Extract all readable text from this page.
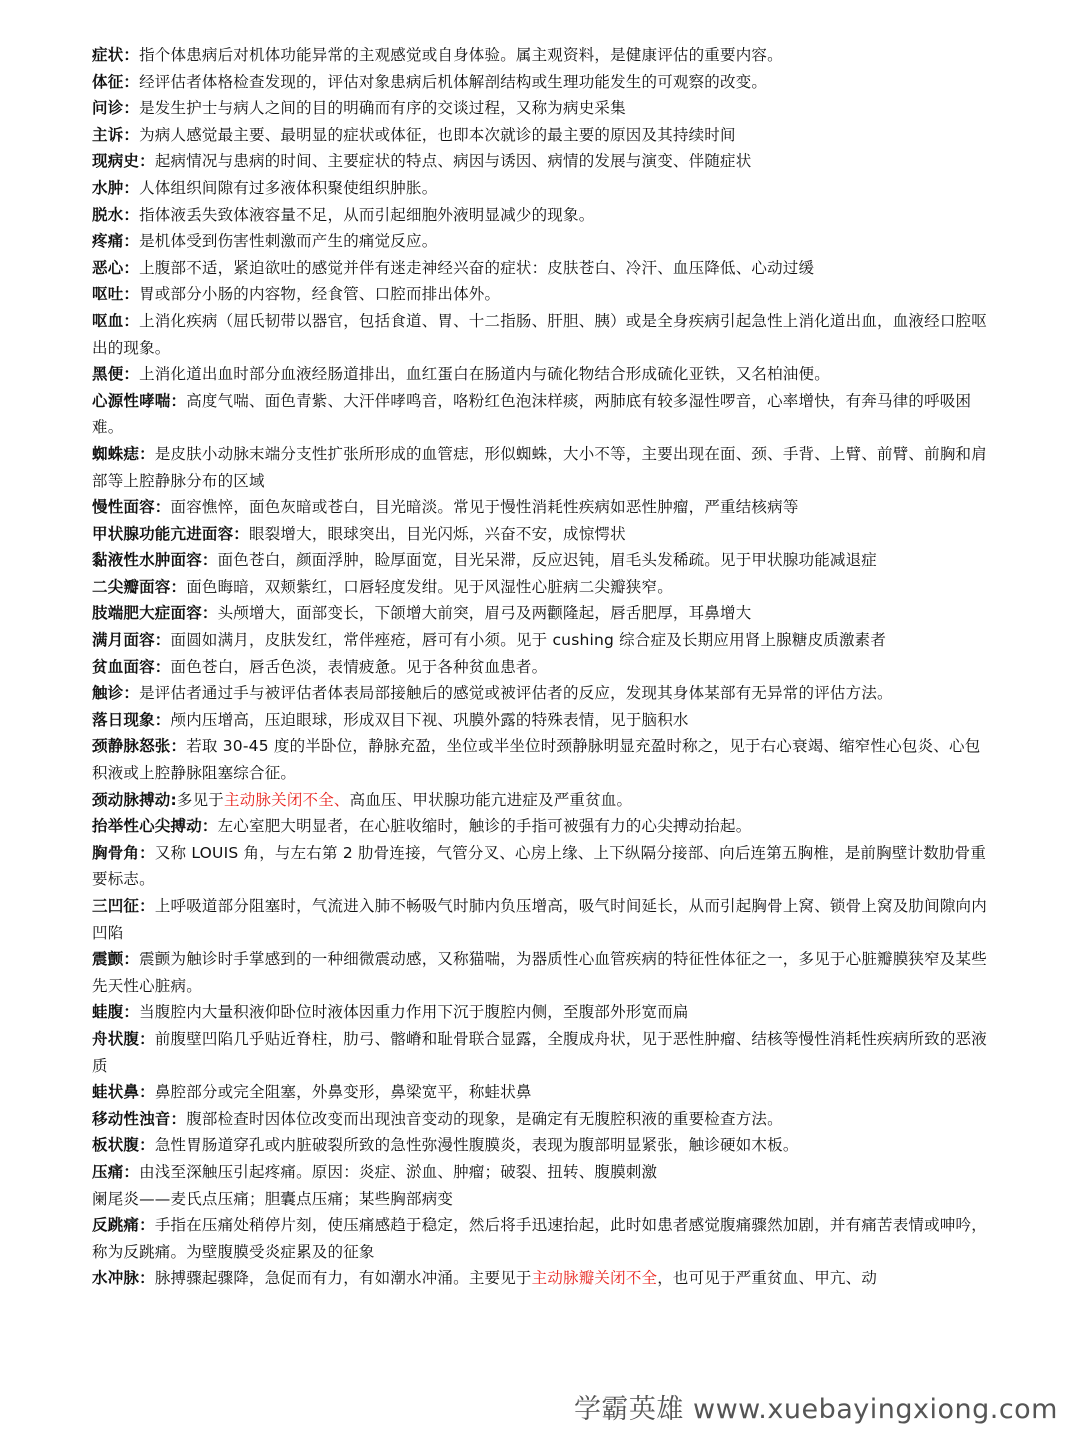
症状：指个体患病后对机体功能异常的主观感觉或自身体验。属主观资料，是健康评估的重要内容。

体征：经评估者体格检查发现的，评估对象患病后机体解剖结构或生理功能发生的可观察的改变。

问诊：是发生护士与病人之间的目的明确而有序的交谈过程，又称为病史采集

主诉：为病人感觉最主要、最明显的症状或体征，也即本次就诊的最主要的原因及其持续时间

现病史：起病情况与患病的时间、主要症状的特点、病因与诱因、病情的发展与演变、伴随症状

水肿：人体组织间隙有过多液体积聚使组织肿胀。

脱水：指体液丢失致体液容量不足，从而引起细胞外液明显减少的现象。

疼痛：是机体受到伤害性刺激而产生的痛觉反应。

恶心：上腹部不适，紧迫欲吐的感觉并伴有迷走神经兴奋的症状：皮肤苍白、冷汗、血压降低、心动过缓

呕吐：胃或部分小肠的内容物，经食管、口腔而排出体外。

呕血：上消化疾病（屈氏韧带以器官，包括食道、胃、十二指肠、肝胆、胰）或是全身疾病引起急性上消化道出血，血液经口腔呕出的现象。

黑便：上消化道出血时部分血液经肠道排出，血红蛋白在肠道内与硫化物结合形成硫化亚铁，又名柏油便。

心源性哮喘：高度气喘、面色青紫、大汗伴哮鸣音，咯粉红色泡沫样痰，两肺底有较多湿性啰音，心率增快，有奔马律的呼吸困难。

蜘蛛痣：是皮肤小动脉末端分支性扩张所形成的血管痣，形似蜘蛛，大小不等，主要出现在面、颈、手背、上臂、前臂、前胸和肩部等上腔静脉分布的区域

慢性面容：面容憔悴，面色灰暗或苍白，目光暗淡。常见于慢性消耗性疾病如恶性肿瘤，严重结核病等

甲状腺功能亢进面容：眼裂增大，眼球突出，目光闪烁，兴奋不安，成惊愕状

黏液性水肿面容：面色苍白，颜面浮肿，睑厚面宽，目光呆滞，反应迟钝，眉毛头发稀疏。见于甲状腺功能减退症

二尖瓣面容：面色晦暗，双颊紫红，口唇轻度发绀。见于风湿性心脏病二尖瓣狭窄。

肢端肥大症面容：头颅增大，面部变长，下颌增大前突，眉弓及两颧隆起，唇舌肥厚，耳鼻增大

满月面容：面圆如满月，皮肤发红，常伴痤疮，唇可有小须。见于 cushing 综合症及长期应用肾上腺糖皮质激素者

贫血面容：面色苍白，唇舌色淡，表情疲惫。见于各种贫血患者。

触诊：是评估者通过手与被评估者体表局部接触后的感觉或被评估者的反应，发现其身体某部有无异常的评估方法。

落日现象：颅内压增高，压迫眼球，形成双目下视、巩膜外露的特殊表情，见于脑积水

颈静脉怒张：若取 30-45 度的半卧位，静脉充盈，坐位或半坐位时颈静脉明显充盈时称之，见于右心衰竭、缩窄性心包炎、心包积液或上腔静脉阻塞综合征。

颈动脉搏动:多见于主动脉关闭不全、高血压、甲状腺功能亢进症及严重贫血。

抬举性心尖搏动：左心室肥大明显者，在心脏收缩时，触诊的手指可被强有力的心尖搏动抬起。

胸骨角：又称 LOUIS 角，与左右第 2 肋骨连接，气管分叉、心房上缘、上下纵隔分接部、向后连第五胸椎，是前胸壁计数肋骨重要标志。

三凹征：上呼吸道部分阻塞时，气流进入肺不畅吸气时肺内负压增高，吸气时间延长，从而引起胸骨上窝、锁骨上窝及肋间隙向内凹陷

震颤：震颤为触诊时手掌感到的一种细微震动感，又称猫喘，为器质性心血管疾病的特征性体征之一，多见于心脏瓣膜狭窄及某些先天性心脏病。

蛙腹：当腹腔内大量积液仰卧位时液体因重力作用下沉于腹腔内侧，至腹部外形宽而扁

舟状腹：前腹壁凹陷几乎贴近脊柱，肋弓、髂嵴和耻骨联合显露，全腹成舟状，见于恶性肿瘤、结核等慢性消耗性疾病所致的恶液质

蛙状鼻：鼻腔部分或完全阻塞，外鼻变形，鼻梁宽平，称蛙状鼻

移动性浊音：腹部检查时因体位改变而出现浊音变动的现象，是确定有无腹腔积液的重要检查方法。

板状腹：急性胃肠道穿孔或内脏破裂所致的急性弥漫性腹膜炎，表现为腹部明显紧张，触诊硬如木板。

压痛：由浅至深触压引起疼痛。原因：炎症、淤血、肿瘤；破裂、扭转、腹膜刺激

阑尾炎——麦氏点压痛；胆囊点压痛；某些胸部病变

反跳痛：手指在压痛处稍停片刻，使压痛感趋于稳定，然后将手迅速抬起，此时如患者感觉腹痛骤然加剧，并有痛苦表情或呻吟，称为反跳痛。为壁腹膜受炎症累及的征象

水冲脉：脉搏骤起骤降，急促而有力，有如潮水冲涌。主要见于主动脉瓣关闭不全，也可见于严重贫血、甲亢、动

学霸英雄 www.xuebayingxiong.com
